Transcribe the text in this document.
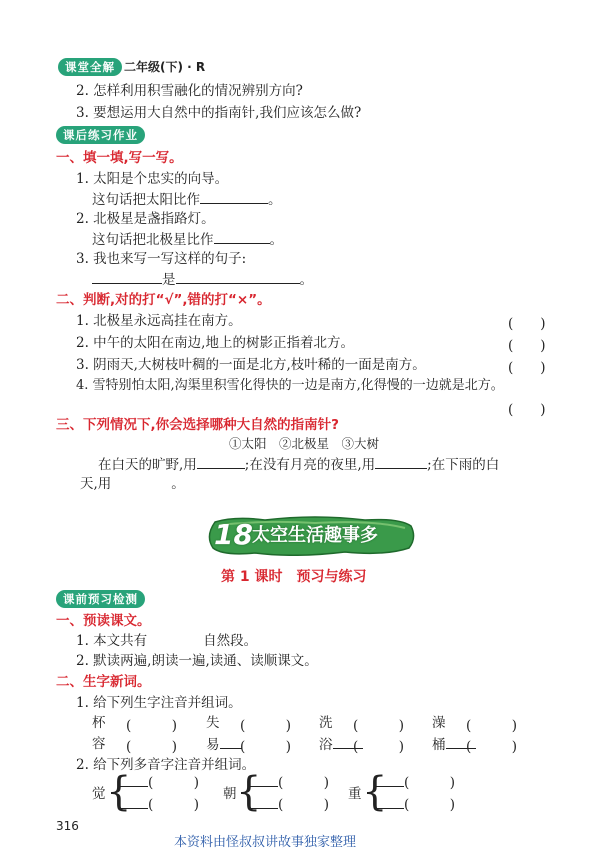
课堂全解 二年级(下) · R
2. 怎样利用积雪融化的情况辨别方向?
3. 要想运用大自然中的指南针,我们应该怎么做?
课后练习作业
一、填一填,写一写。
1. 太阳是个忠实的向导。
这句话把太阳比作	。
2. 北极星是盏指路灯。
这句话把北极星比作	。
3. 我也来写一写这样的句子:
是	。
二、判断,对的打“√”,错的打“×”。
1. 北极星永远高挂在南方。	(　　)
2. 中午的太阳在南边,地上的树影正指着北方。	(　　)
3. 阴雨天,大树枝叶稠的一面是北方,枝叶稀的一面是南方。	(　　)
4. 雪特别怕太阳,沟渠里积雪化得快的一边是南方,化得慢的一边就是北方。
(　　)
三、下列情况下,你会选择哪种大自然的指南针?
①太阳　②北极星　③大树
在白天的旷野,用	;在没有月亮的夜里,用	;在下雨的白
天,用	。
18 太空生活趣事多
第 1 课时　预习与练习
课前预习检测
一、预读课文。
1. 本文共有	自然段。
2. 默读两遍,朗读一遍,读通、读顺课文。
二、生字新词。
1. 给下列生字注音并组词。
杯 (　　　) 失 (　　　) 洗 (　　　) 澡 (　　　)
容 (　　　) 易	(　　　) 浴	(　　　) 桶	(　　　)
2. 给下列多音字注音并组词。
觉 {	(　　　)
(　　　)
朝 {	(　　　)
(　　　)
重 {	(　　　)
(　　　)
316
本资料由怪叔叔讲故事独家整理
